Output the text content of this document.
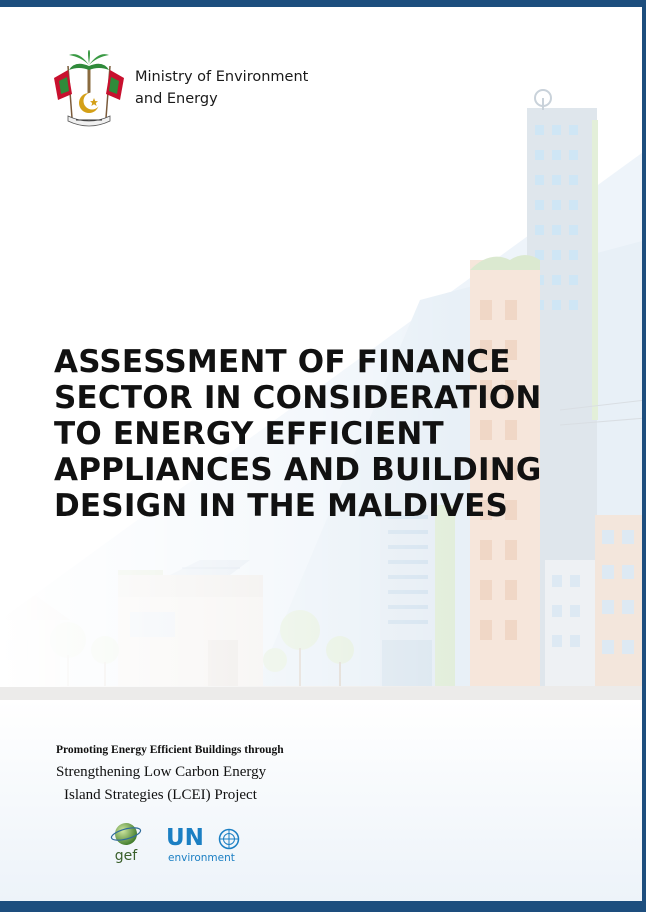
Ministry of Environment
and Energy

ASSESSMENT OF FINANCE
SECTOR IN CONSIDERATION
TO ENERGY EFFICIENT
APPLIANCES AND BUILDING
DESIGN IN THE MALDIVES

Promoting Energy Efficient Buildings through

Strengthening Low Carbon Energy

Island Strategies (LCEI) Project

gef
UN
environment
